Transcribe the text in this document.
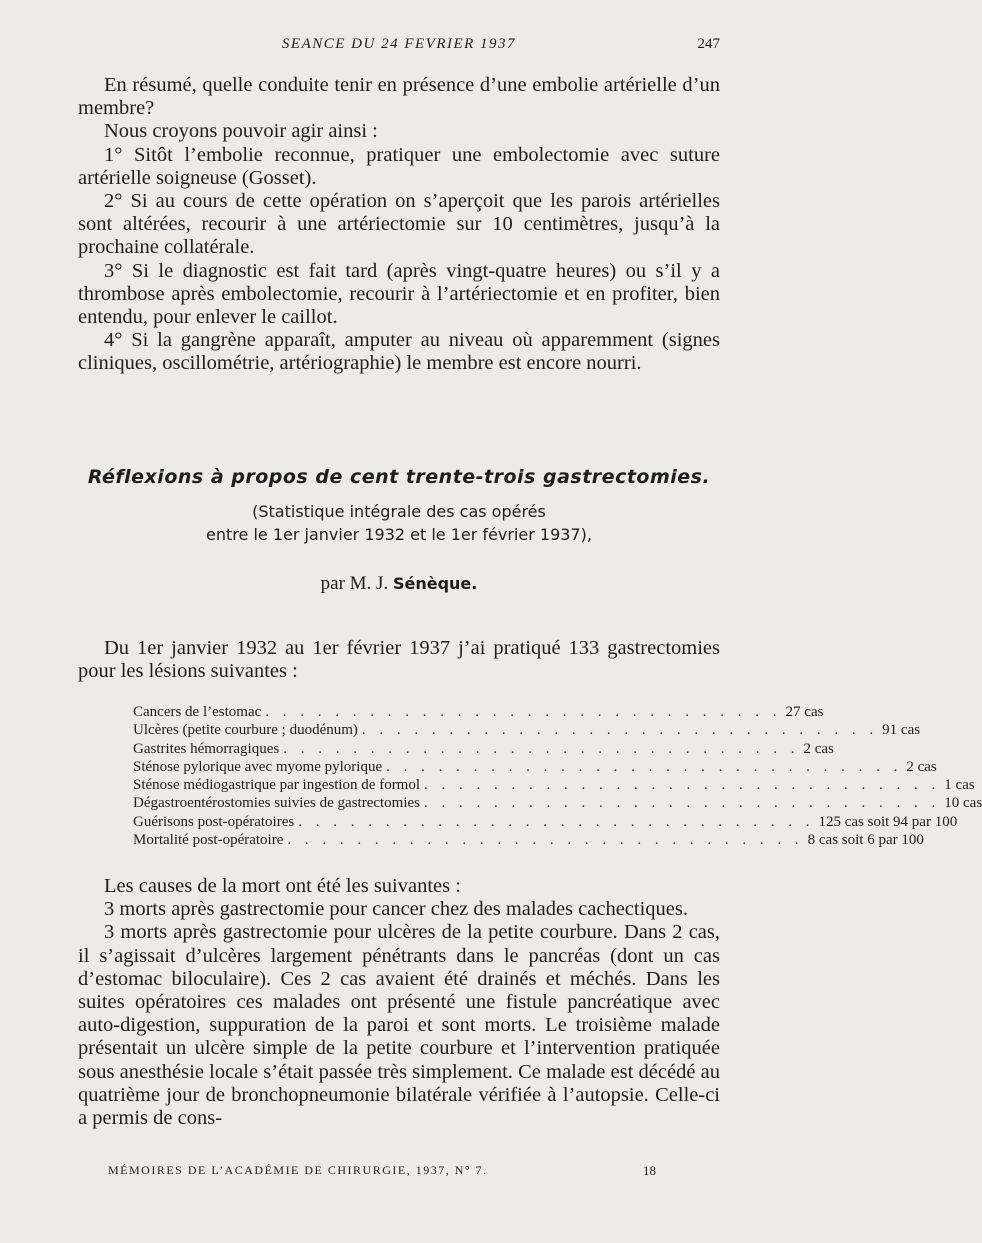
SEANCE DU 24 FEVRIER 1937	247

En résumé, quelle conduite tenir en présence d’une embolie artérielle d’un membre?

Nous croyons pouvoir agir ainsi :

1° Sitôt l’embolie reconnue, pratiquer une embolectomie avec suture artérielle soigneuse (Gosset).

2° Si au cours de cette opération on s’aperçoit que les parois artérielles sont altérées, recourir à une artériectomie sur 10 centimètres, jusqu’à la prochaine collatérale.

3° Si le diagnostic est fait tard (après vingt-quatre heures) ou s’il y a thrombose après embolectomie, recourir à l’artériectomie et en profiter, bien entendu, pour enlever le caillot.

4° Si la gangrène apparaît, amputer au niveau où apparemment (signes cliniques, oscillométrie, artériographie) le membre est encore nourri.

Réflexions à propos de cent trente-trois gastrectomies.
(Statistique intégrale des cas opérés
entre le 1er janvier 1932 et le 1er février 1937),
par M. J. Sénèque.

Du 1er janvier 1932 au 1er février 1937 j’ai pratiqué 133 gastrectomies pour les lésions suivantes :

Cancers de l’estomac . . . . . . . . . . . . . . . . . . . . . . . . . . . . . . 27 cas
Ulcères (petite courbure ; duodénum) . . . . . . . . . . . . . . . . . . . . . . . . . . . . . . 91 cas
Gastrites hémorragiques . . . . . . . . . . . . . . . . . . . . . . . . . . . . . . 2 cas
Sténose pylorique avec myome pylorique . . . . . . . . . . . . . . . . . . . . . . . . . . . . . . 2 cas
Sténose médiogastrique par ingestion de formol . . . . . . . . . . . . . . . . . . . . . . . . . . . . . . 1 cas
Dégastroentérostomies suivies de gastrectomies . . . . . . . . . . . . . . . . . . . . . . . . . . . . . . 10 cas
Guérisons post-opératoires . . . . . . . . . . . . . . . . . . . . . . . . . . . . . . 125 cas soit 94 par 100
Mortalité post-opératoire . . . . . . . . . . . . . . . . . . . . . . . . . . . . . . 8 cas soit 6 par 100

Les causes de la mort ont été les suivantes :

3 morts après gastrectomie pour cancer chez des malades cachectiques.

3 morts après gastrectomie pour ulcères de la petite courbure. Dans 2 cas, il s’agissait d’ulcères largement pénétrants dans le pancréas (dont un cas d’estomac biloculaire). Ces 2 cas avaient été drainés et méchés. Dans les suites opératoires ces malades ont présenté une fistule pancréatique avec auto-digestion, suppuration de la paroi et sont morts. Le troisième malade présentait un ulcère simple de la petite courbure et l’intervention pratiquée sous anesthésie locale s’était passée très simplement. Ce malade est décédé au quatrième jour de bronchopneumonie bilatérale vérifiée à l’autopsie. Celle-ci a permis de cons-

MÉMOIRES DE L’ACADÉMIE DE CHIRURGIE, 1937, N° 7.	18
